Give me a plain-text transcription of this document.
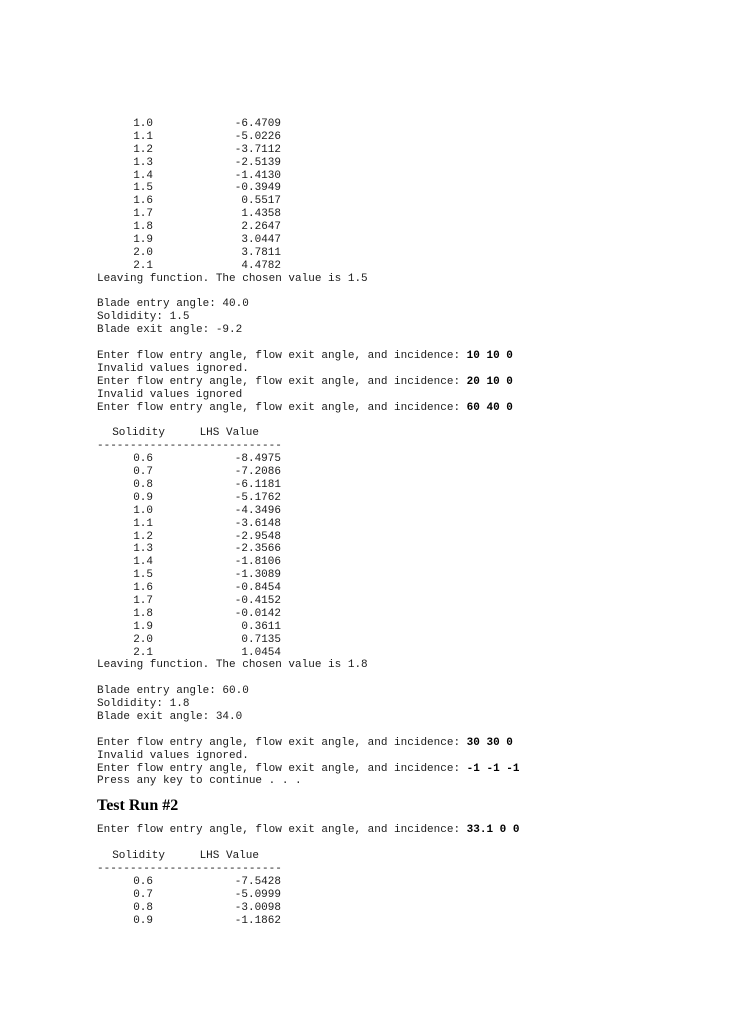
1.0	-6.4709
1.1	-5.0226
1.2	-3.7112
1.3	-2.5139
1.4	-1.4130
1.5	-0.3949
1.6	0.5517
1.7	1.4358
1.8	2.2647
1.9	3.0447
2.0	3.7811
2.1	4.4782
Leaving function. The chosen value is 1.5
Blade entry angle: 40.0
Soldidity: 1.5
Blade exit angle: -9.2
Enter flow entry angle, flow exit angle, and incidence: 10 10 0
Invalid values ignored.
Enter flow entry angle, flow exit angle, and incidence: 20 10 0
Invalid values ignored
Enter flow entry angle, flow exit angle, and incidence: 60 40 0
Solidity	LHS Value
----------------------------
0.6	-8.4975
0.7	-7.2086
0.8	-6.1181
0.9	-5.1762
1.0	-4.3496
1.1	-3.6148
1.2	-2.9548
1.3	-2.3566
1.4	-1.8106
1.5	-1.3089
1.6	-0.8454
1.7	-0.4152
1.8	-0.0142
1.9	0.3611
2.0	0.7135
2.1	1.0454
Leaving function. The chosen value is 1.8
Blade entry angle: 60.0
Soldidity: 1.8
Blade exit angle: 34.0
Enter flow entry angle, flow exit angle, and incidence: 30 30 0
Invalid values ignored.
Enter flow entry angle, flow exit angle, and incidence: -1 -1 -1
Press any key to continue . . .
Test Run #2
Enter flow entry angle, flow exit angle, and incidence: 33.1 0 0
Solidity	LHS Value
----------------------------
0.6	-7.5428
0.7	-5.0999
0.8	-3.0098
0.9	-1.1862
